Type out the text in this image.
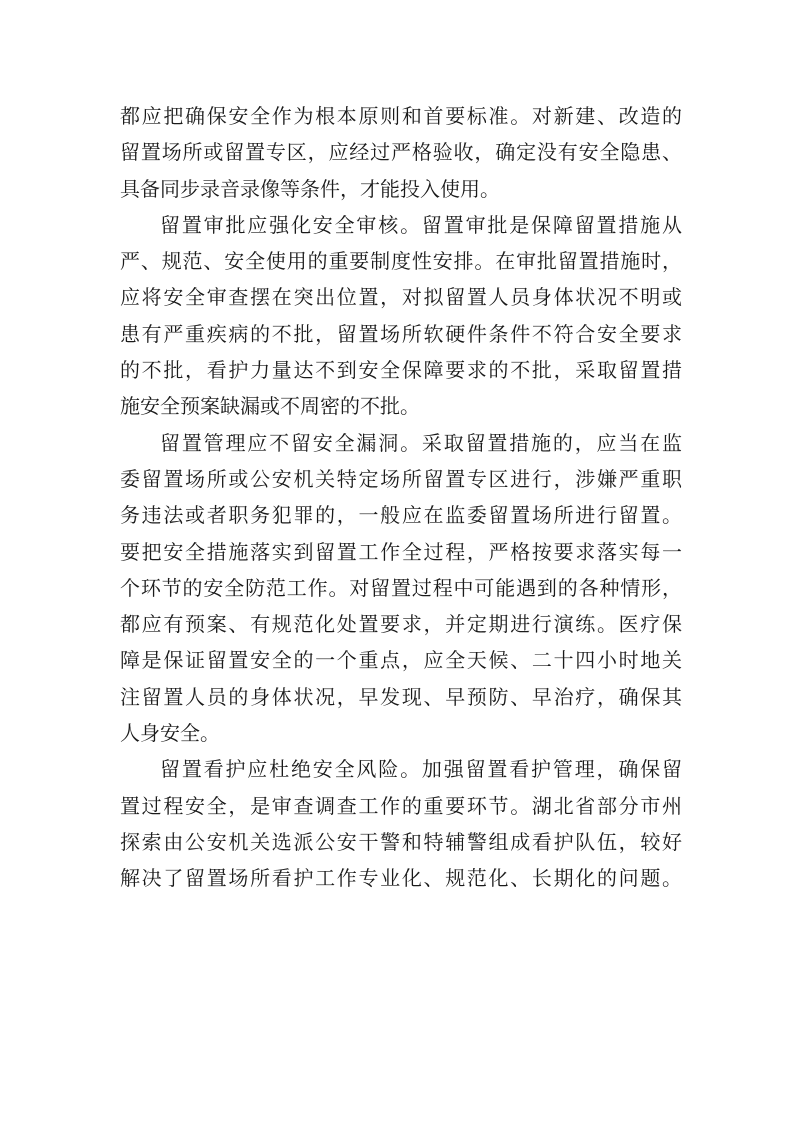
都应把确保安全作为根本原则和首要标准。对新建、改造的
留置场所或留置专区，应经过严格验收，确定没有安全隐患、
具备同步录音录像等条件，才能投入使用。
留置审批应强化安全审核。留置审批是保障留置措施从
严、规范、安全使用的重要制度性安排。在审批留置措施时，
应将安全审查摆在突出位置，对拟留置人员身体状况不明或
患有严重疾病的不批，留置场所软硬件条件不符合安全要求
的不批，看护力量达不到安全保障要求的不批，采取留置措
施安全预案缺漏或不周密的不批。
留置管理应不留安全漏洞。采取留置措施的，应当在监
委留置场所或公安机关特定场所留置专区进行，涉嫌严重职
务违法或者职务犯罪的，一般应在监委留置场所进行留置。
要把安全措施落实到留置工作全过程，严格按要求落实每一
个环节的安全防范工作。对留置过程中可能遇到的各种情形，
都应有预案、有规范化处置要求，并定期进行演练。医疗保
障是保证留置安全的一个重点，应全天候、二十四小时地关
注留置人员的身体状况，早发现、早预防、早治疗，确保其
人身安全。
留置看护应杜绝安全风险。加强留置看护管理，确保留
置过程安全，是审查调查工作的重要环节。湖北省部分市州
探索由公安机关选派公安干警和特辅警组成看护队伍，较好
解决了留置场所看护工作专业化、规范化、长期化的问题。
